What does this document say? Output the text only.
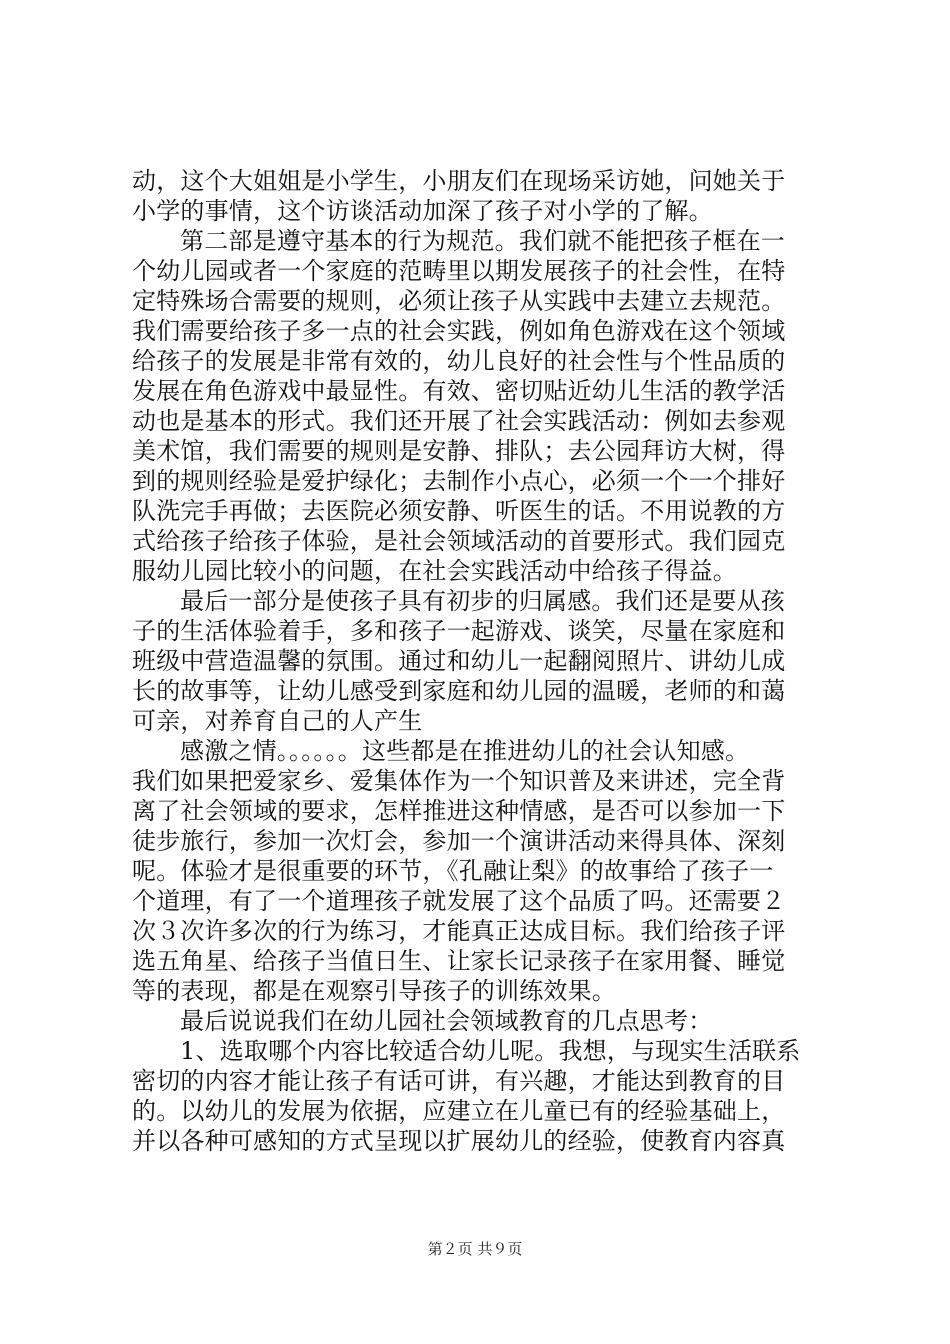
动，这个大姐姐是小学生，小朋友们在现场采访她，问她关于
小学的事情，这个访谈活动加深了孩子对小学的了解。
第二部是遵守基本的行为规范。我们就不能把孩子框在一
个幼儿园或者一个家庭的范畴里以期发展孩子的社会性，在特
定特殊场合需要的规则，必须让孩子从实践中去建立去规范。
我们需要给孩子多一点的社会实践，例如角色游戏在这个领域
给孩子的发展是非常有效的，幼儿良好的社会性与个性品质的
发展在角色游戏中最显性。有效、密切贴近幼儿生活的教学活
动也是基本的形式。我们还开展了社会实践活动：例如去参观
美术馆，我们需要的规则是安静、排队；去公园拜访大树，得
到的规则经验是爱护绿化；去制作小点心，必须一个一个排好
队洗完手再做；去医院必须安静、听医生的话。不用说教的方
式给孩子给孩子体验，是社会领域活动的首要形式。我们园克
服幼儿园比较小的问题，在社会实践活动中给孩子得益。
最后一部分是使孩子具有初步的归属感。我们还是要从孩
子的生活体验着手，多和孩子一起游戏、谈笑，尽量在家庭和
班级中营造温馨的氛围。通过和幼儿一起翻阅照片、讲幼儿成
长的故事等，让幼儿感受到家庭和幼儿园的温暖，老师的和蔼
可亲，对养育自己的人产生
感激之情。。。。。。这些都是在推进幼儿的社会认知感。
我们如果把爱家乡、爱集体作为一个知识普及来讲述，完全背
离了社会领域的要求，怎样推进这种情感，是否可以参加一下
徒步旅行，参加一次灯会，参加一个演讲活动来得具体、深刻
呢。体验才是很重要的环节，《孔融让梨》的故事给了孩子一
个道理，有了一个道理孩子就发展了这个品质了吗。还需要２
次３次许多次的行为练习，才能真正达成目标。我们给孩子评
选五角星、给孩子当值日生、让家长记录孩子在家用餐、睡觉
等的表现，都是在观察引导孩子的训练效果。
最后说说我们在幼儿园社会领域教育的几点思考：
1、选取哪个内容比较适合幼儿呢。我想，与现实生活联系
密切的内容才能让孩子有话可讲，有兴趣，才能达到教育的目
的。以幼儿的发展为依据，应建立在儿童已有的经验基础上，
并以各种可感知的方式呈现以扩展幼儿的经验，使教育内容真
第２页 共９页
